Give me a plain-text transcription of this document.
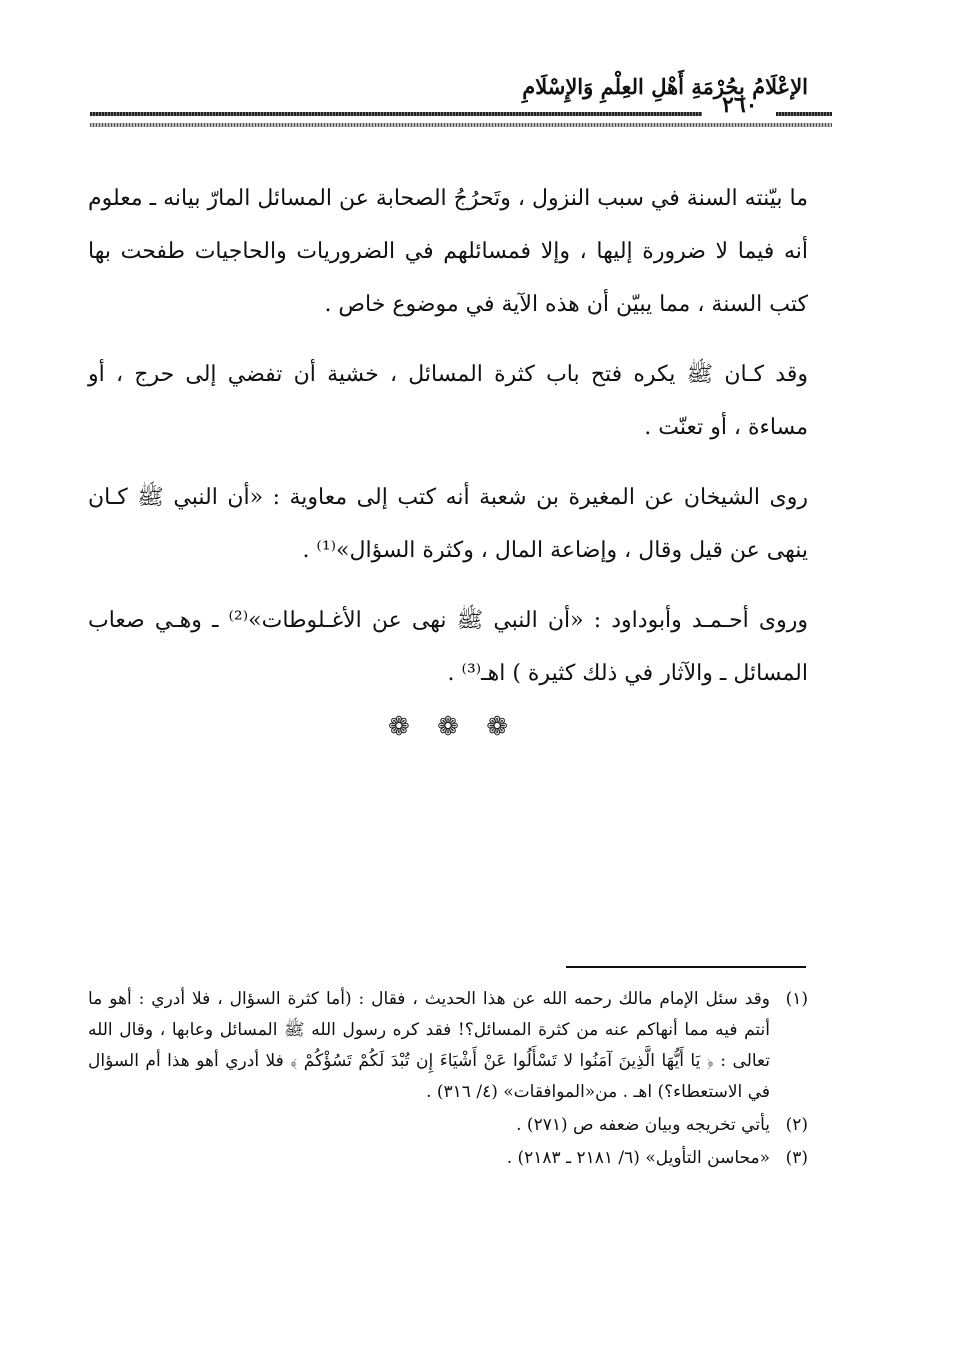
الإعْلَامُ بِحُرْمَةِ أَهْلِ العِلْمِ وَالإِسْلَامِ
٢٦٠

ما بيّنته السنة في سبب النزول ، وتَحرُجُ الصحابة عن المسائل المارّ بيانه ـ معلوم أنه فيما لا ضرورة إليها ، وإلا فمسائلهم في الضروريات والحاجيات طفحت بها كتب السنة ، مما يبيّن أن هذه الآية في موضوع خاص .

وقد كـان ﷺ يكره فتح باب كثرة المسائل ، خشية أن تفضي إلى حرج ، أو مساءة ، أو تعنّت .

روى الشيخان عن المغيرة بن شعبة أنه كتب إلى معاوية : «أن النبي ﷺ كـان ينهى عن قيل وقال ، وإضاعة المال ، وكثرة السؤال»⁽¹⁾ .

وروى أحـمـد وأبوداود : «أن النبي ﷺ نهى عن الأغـلوطات»⁽²⁾ ـ وهـي صعاب المسائل ـ والآثار في ذلك كثيرة ) اهـ⁽³⁾ .

❁ ❁ ❁
(١)
وقد سئل الإمام مالك رحمه الله عن هذا الحديث ، فقال : (أما كثرة السؤال ، فلا أدري : أهو ما أنتم فيه مما أنهاكم عنه من كثرة المسائل؟! فقد كره رسول الله ﷺ المسائل وعابها ، وقال الله تعالى : ﴿ يَا أَيُّهَا الَّذِينَ آمَنُوا لا تَسْأَلُوا عَنْ أَشْيَاءَ إِن تُبْدَ لَكُمْ تَسُؤْكُمْ ﴾ فلا أدري أهو هذا أم السؤال في الاستعطاء؟) اهـ . من«الموافقات» (٤/ ٣١٦) .
(٢)
يأتي تخريجه وبيان ضعفه ص (٢٧١) .
(٣)
«محاسن التأويل» (٦/ ٢١٨١ ـ ٢١٨٣) .
